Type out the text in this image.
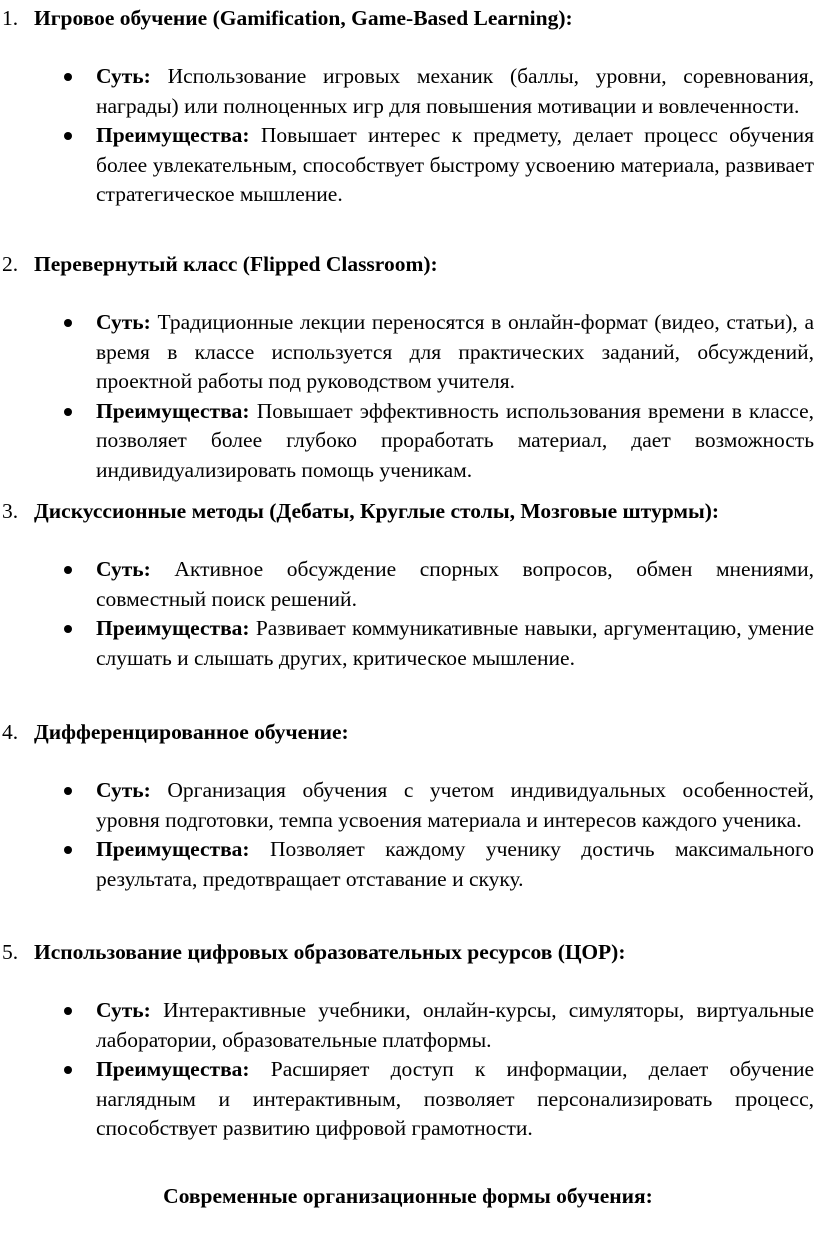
1. Игровое обучение (Gamification, Game-Based Learning):
Суть: Использование игровых механик (баллы, уровни, соревнования, награды) или полноценных игр для повышения мотивации и вовлеченности.
Преимущества: Повышает интерес к предмету, делает процесс обучения более увлекательным, способствует быстрому усвоению материала, развивает стратегическое мышление.
2. Перевернутый класс (Flipped Classroom):
Суть: Традиционные лекции переносятся в онлайн-формат (видео, статьи), а время в классе используется для практических заданий, обсуждений, проектной работы под руководством учителя.
Преимущества: Повышает эффективность использования времени в классе, позволяет более глубоко проработать материал, дает возможность индивидуализировать помощь ученикам.
3. Дискуссионные методы (Дебаты, Круглые столы, Мозговые штурмы):
Суть: Активное обсуждение спорных вопросов, обмен мнениями, совместный поиск решений.
Преимущества: Развивает коммуникативные навыки, аргументацию, умение слушать и слышать других, критическое мышление.
4. Дифференцированное обучение:
Суть: Организация обучения с учетом индивидуальных особенностей, уровня подготовки, темпа усвоения материала и интересов каждого ученика.
Преимущества: Позволяет каждому ученику достичь максимального результата, предотвращает отставание и скуку.
5. Использование цифровых образовательных ресурсов (ЦОР):
Суть: Интерактивные учебники, онлайн-курсы, симуляторы, виртуальные лаборатории, образовательные платформы.
Преимущества: Расширяет доступ к информации, делает обучение наглядным и интерактивным, позволяет персонализировать процесс, способствует развитию цифровой грамотности.
Современные организационные формы обучения:
